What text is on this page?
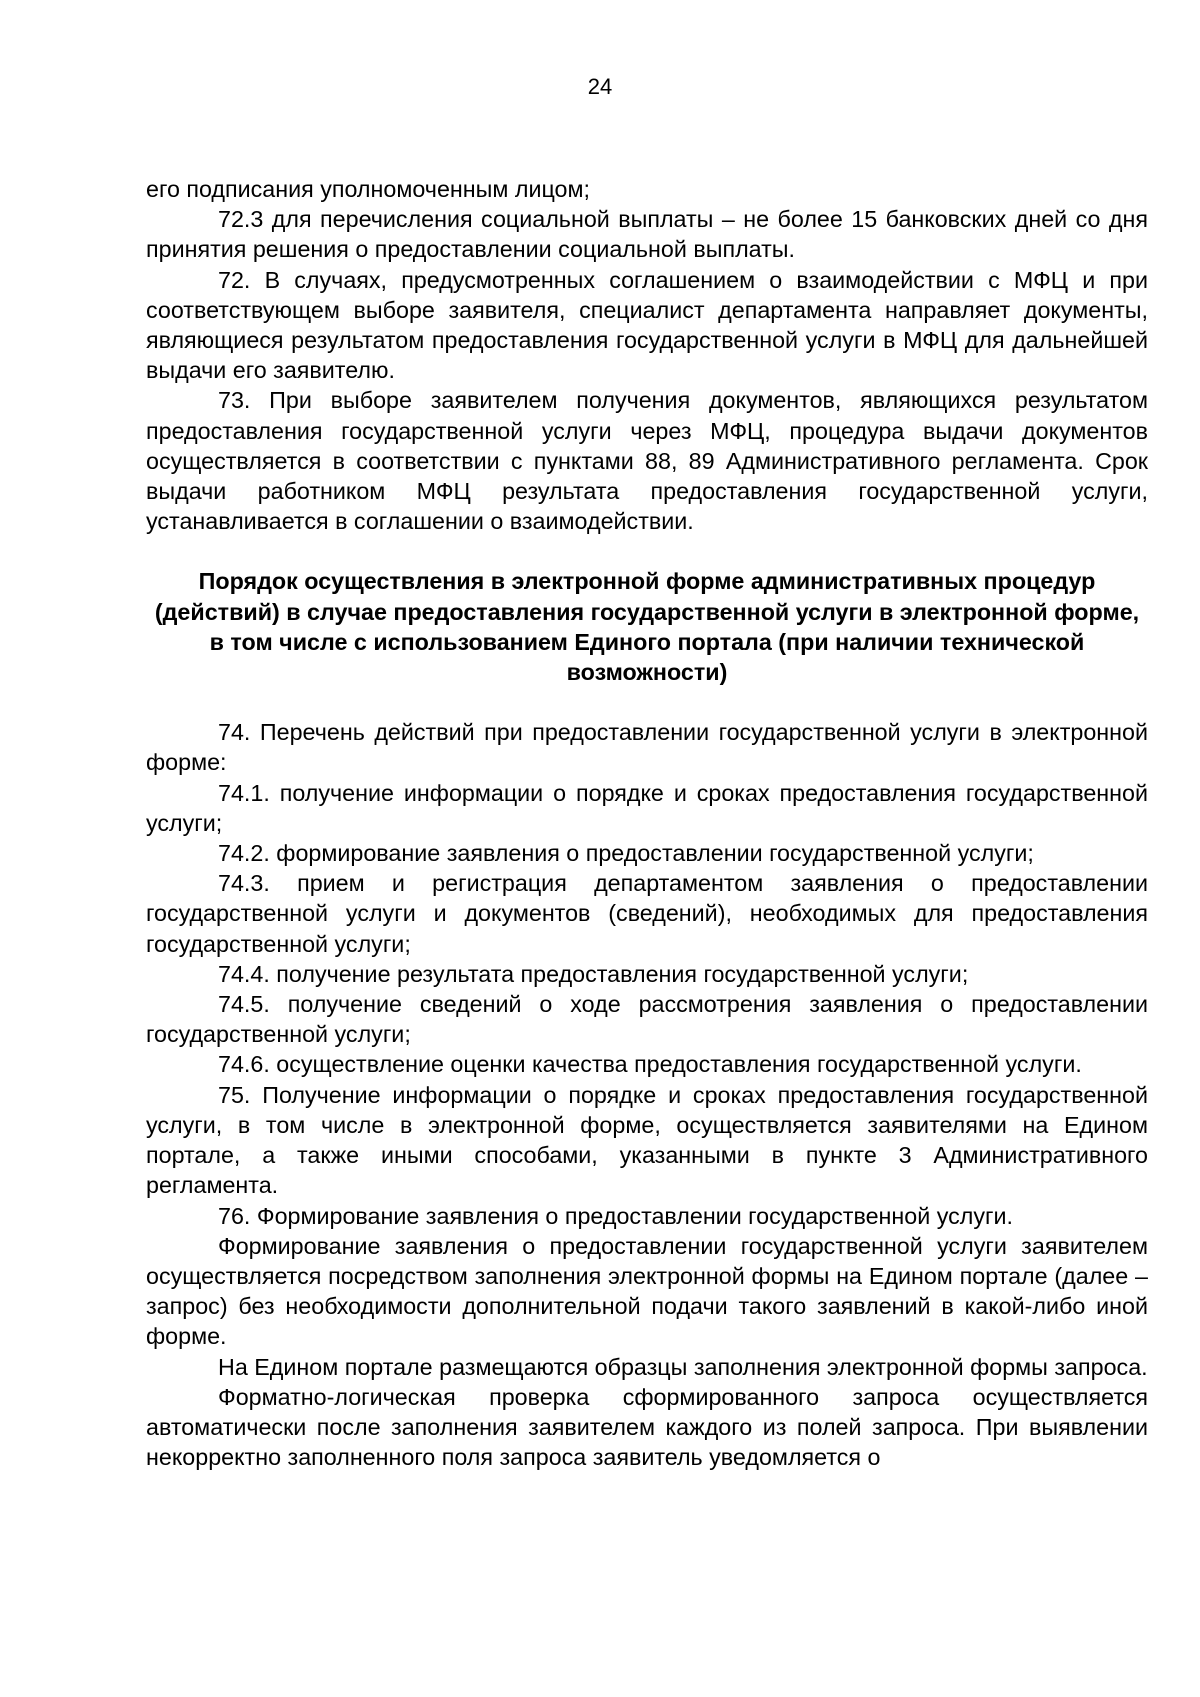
24

его подписания уполномоченным лицом;

72.3 для перечисления социальной выплаты – не более 15 банковских дней со дня принятия решения о предоставлении социальной выплаты.

72. В случаях, предусмотренных соглашением о взаимодействии с МФЦ и при соответствующем выборе заявителя, специалист департамента направляет документы, являющиеся результатом предоставления государственной услуги в МФЦ для дальнейшей выдачи его заявителю.

73. При выборе заявителем получения документов, являющихся результатом предоставления государственной услуги через МФЦ, процедура выдачи документов осуществляется в соответствии с пунктами 88, 89 Административного регламента. Срок выдачи работником МФЦ результата предоставления государственной услуги, устанавливается в соглашении о взаимодействии.

Порядок осуществления в электронной форме административных процедур (действий) в случае предоставления государственной услуги в электронной форме, в том числе с использованием Единого портала (при наличии технической возможности)

74. Перечень действий при предоставлении государственной услуги в электронной форме:

74.1. получение информации о порядке и сроках предоставления государственной услуги;

74.2. формирование заявления о предоставлении государственной услуги;

74.3. прием и регистрация департаментом заявления о предоставлении государственной услуги и документов (сведений), необходимых для предоставления государственной услуги;

74.4. получение результата предоставления государственной услуги;

74.5. получение сведений о ходе рассмотрения заявления о предоставлении государственной услуги;

74.6. осуществление оценки качества предоставления государственной услуги.

75. Получение информации о порядке и сроках предоставления государственной услуги, в том числе в электронной форме, осуществляется заявителями на Едином портале, а также иными способами, указанными в пункте 3 Административного регламента.

76. Формирование заявления о предоставлении государственной услуги.

Формирование заявления о предоставлении государственной услуги заявителем осуществляется посредством заполнения электронной формы на Едином портале (далее – запрос) без необходимости дополнительной подачи такого заявлений в какой-либо иной форме.

На Едином портале размещаются образцы заполнения электронной формы запроса.

Форматно-логическая проверка сформированного запроса осуществляется автоматически после заполнения заявителем каждого из полей запроса. При выявлении некорректно заполненного поля запроса заявитель уведомляется о
